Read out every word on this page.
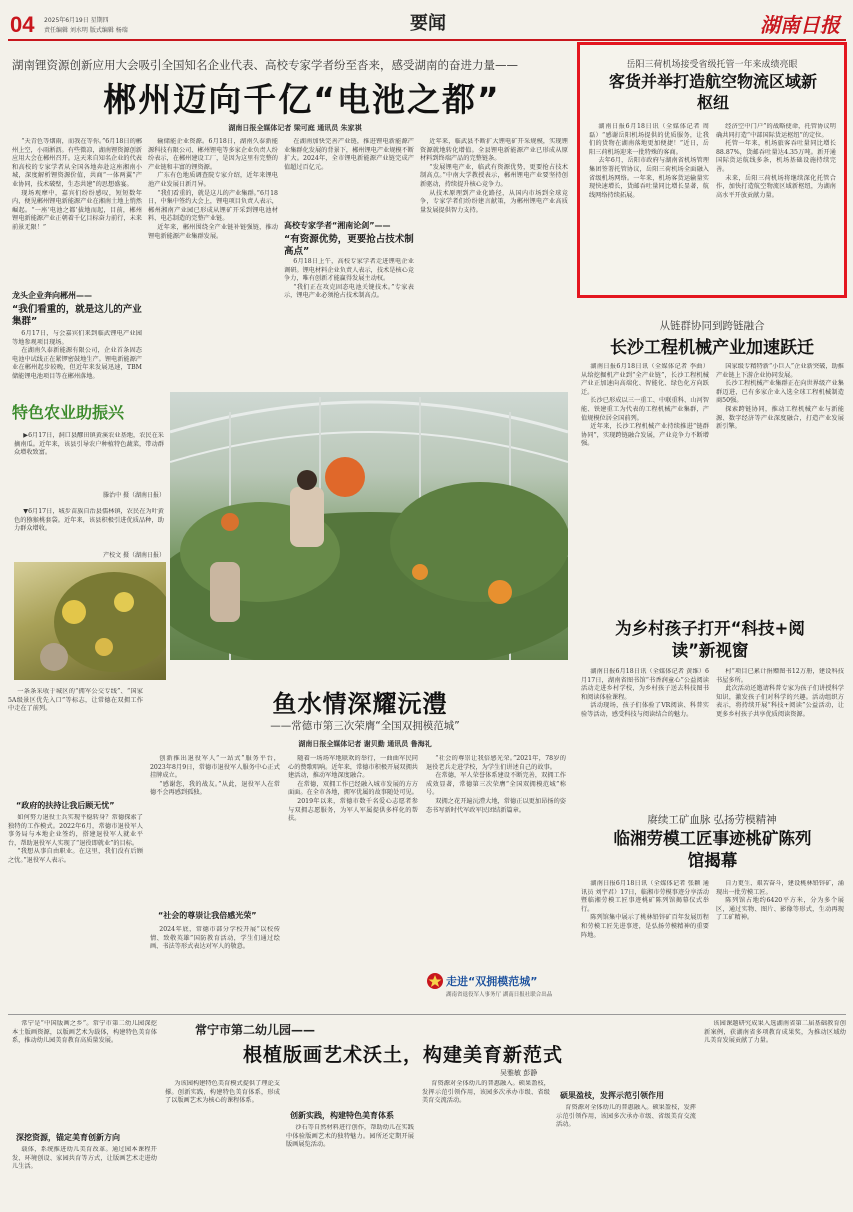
04 2025年6月19日 星期四
责任编辑 刘水明 版式编辑 杨瑞	要闻	湖南日报
湖南锂资源创新应用大会吸引全国知名企业代表、高校专家学者纷至沓来，感受湖南的奋进力量——
郴州迈向千亿“电池之都”
湖南日报全媒体记者 梁可庭 通讯员 朱家祺

“天青色等烟雨，而我在等你。”6月18日的郴州上空，小雨淅沥。有些微凉，湖南锂资源创新应用大会在郴州召开。这天来自知名企业的代表和高校的专家学者从全国各地奔赴这座湘南小城，深度解析锂资源价值，共商“一体两翼”产业协同，技术破壁，生态共建”的思想盛宴。

现场观摩中，嘉宾们纷纷感叹，短短数年内，便见郴州锂电新能源产业在湘南土地上悄然崛起。“一座‘电池之都’拔地而起，目前，郴州锂电新能源产业正朝着千亿目标奋力前行，未来前景无限！”

龙头企业奔向郴州——
“我们看重的，就是这儿的产业集群”

6月17日，与会嘉宾们来到临武锂电产业园等地参观项目现场。

在湖南久泰新能源有限公司，企业首条固态电池中试线正在紧锣密鼓地生产。锂电新能源产业在郴州起步较晚，但近年来发展迅速，TBM储能锂电池项目等在郴州落地。

输储能企业资源。6月18日，湖南久泰新能源科技有限公司、郴州锂电等多家企业负责人纷纷表示，在郴州建设工厂，是因为这里有完整的产业链和丰富的锂资源。

广东有色地质调查院专家介绍，近年来锂电池产业发展日新月异。

“我们看重的，就是这儿的产业集群。”6月18日，中集中签约大会上，锂电项目负责人表示，郴州湘南产业园已形成从锂矿开采到锂电池材料、电芯制造的完整产业链。

近年来，郴州围绕全产业链补链强链，推动锂电新能源产业集群发展。

在湖南加快完善产业链，推进锂电新能源产业集群化发展的背景下，郴州锂电产业规模不断扩大。2024年，全市锂电新能源产业链完成产值超过百亿元。

高校专家学者“湘南论剑”——
“有资源优势，更要抢占技术制高点”

6月18日上午，高校专家学者走进锂电企业调研。锂电材料企业负责人表示，技术是核心竞争力，唯有创新才能赢得发展主动权。

“我们正在攻克固态电池关键技术。”专家表示，锂电产业必须抢占技术制高点。

近年来，临武县不断扩大锂电矿开采规模，实现锂资源就地转化增值。全县锂电新能源产业已形成从原材料到终端产品的完整链条。

“发展锂电产业，临武有资源优势，更要抢占技术制高点。”中南大学教授表示，郴州锂电产业要坚持创新驱动，持续提升核心竞争力。

从技术原理到产业化路径，从国内市场到全球竞争，专家学者们纷纷建言献策，为郴州锂电产业高质量发展提供智力支持。

岳阳三荷机场接受省级托管一年来成绩亮眼
客货并举打造航空物流区域新枢纽

湖南日报6月18日讯（全媒体记者 周磊）“感谢岳阳机场提供的优质服务，让我们的货物在湖南落地更加便捷！”近日，岳阳三荷机场迎来一批特殊的客商。

去年6月，岳阳市政府与湖南省机场管理集团签署托管协议，岳阳三荷机场全面融入省级机场网络。一年来，机场客货运输量实现快速增长，货邮吞吐量同比增长显著，航线网络持续拓展。

经济空中门户”的战略使命，托管协议明确共同打造“中部国际货运枢纽”的定位。

托管一年来，机场旅客吞吐量同比增长88.87%，货邮吞吐量达4.35万吨。新开通国际货运航线多条，机场基础设施持续完善。

未来，岳阳三荷机场将继续深化托管合作，加快打造航空物流区域新枢纽，为湖南高水平开放贡献力量。

特色农业助振兴

▶6月17日，洞口县醪田镇黄溪农业基地，农民在采摘南瓜。近年来，该县引导农户种植特色蔬菜，带动群众增收致富。

滕治中 摄（湖南日报）

▼6月17日，城步苗族自治县儒林镇，农民在为叶黄色的猕猴桃套袋。近年来，该县积极引进优质品种，助力群众增收。

产校文 摄（湖南日报）
从链群协同到跨链融合
长沙工程机械产业加速跃迁

湖南日报6月18日讯（全媒体记者 李曲）从给挖掘机产业到“全产业链”，长沙工程机械产业正加速向高端化、智能化、绿色化方向跃迁。

长沙已形成以三一重工、中联重科、山河智能、铁建重工为代表的工程机械产业集群，产值规模位居全国前列。

近年来，长沙工程机械产业持续推进“链群协同”，实现跨链融合发展，产业竞争力不断增强。

国家级专精特新“小巨人”企业新突破，助推产业链上下游企业协同发展。

长沙工程机械产业集群正在向世界级产业集群迈进，已有多家企业入选全球工程机械制造商50强。

探索跨链协同，推动工程机械产业与新能源、数字经济等产业深度融合，打造产业发展新引擎。

为乡村孩子打开“科技+阅读”新视窗

湖南日报6月18日讯（全媒体记者 黄维）6月17日，湖南省图书馆“书香润童心”公益阅读活动走进乡村学校，为乡村孩子送去科技图书和阅读体验课程。

活动现场，孩子们体验了VR阅读、科普实验等活动，感受科技与阅读结合的魅力。

村“项目已累计捐赠图书12万册，建设科技书屋多所。

此次活动还邀请科普专家为孩子们讲授科学知识，激发孩子们对科学的兴趣。活动组织方表示，将持续开展“科技+阅读”公益活动，让更多乡村孩子共享优质阅读资源。

赓续工矿血脉 弘扬劳模精神
临湘劳模工匠事迹桃矿陈列馆揭幕

湖南日报6月18日讯（全媒体记者 张颖 通讯员 刘宇君）17日，临湘市劳模事迹分享活动暨临湘劳模工匠事迹桃矿陈列馆揭幕仪式举行。

陈列馆集中展示了桃林铅锌矿百年发展历程和劳模工匠先进事迹，是弘扬劳模精神的重要阵地。

自力更生、艰苦奋斗，建设桃林铅锌矿，涌现出一批劳模工匠。

陈列馆占地约6420平方米，分为多个展区，通过实物、图片、影像等形式，生动再现了工矿精神。

鱼水情深耀沅澧
——常德市第三次荣膺“全国双拥模范城”
湖南日报全媒体记者 谢贝勤 通讯员 鲁海礼

一条条采收于城区的“拥军公交专线”、“国家5A级景区优先入口”等标志，让常德在双拥工作中走在了前列。

“政府的扶持让我后顾无忧”

如何努力退役士兵实现平稳转身？常德探索了独特的工作模式。2022年6月，常德市退役军人事务局与本地企业签约，搭建退役军人就业平台，帮助退役军人实现了“退役即就业”的目标。

“我想从事自由职业。在这里，我们没有后顾之忧。”退役军人表示。

创新推出退役军人“一站式”服务平台，2023年8月9日，常德市退役军人服务中心正式挂牌成立。

“感谢您，我的战友。”从此，退役军人在常德不会再感到孤独。

“社会的尊崇让我倍感光荣”

2024年底，常德市部分学校开展“以校传情、致敬英雄”国防教育活动，学生们通过绘画、书法等形式表达对军人的敬意。

随着一场场军地联欢的举行，一曲曲军民同心的赞歌唱响。近年来，常德市积极开展双拥共建活动，推动军地深度融合。

在常德，双拥工作已经融入城市发展的方方面面。在全市各地，拥军优属的故事随处可见。

2019年以来，常德市数千名爱心志愿者参与双拥志愿服务，为军人军属提供多样化的帮扶。

“社会的尊崇让我倍感光荣。”2021年，78岁的退役老兵走进学校，为学生们讲述自己的故事。

在常德，军人荣誉体系建设不断完善，双拥工作成效显著，常德第三次荣膺“全国双拥模范城”称号。

双拥之花开遍沅澧大地，常德正以更加昂扬的姿态书写新时代军政军民团结新篇章。

走进“双拥模范城”
湖南省退役军人事务厅 湖南日报社联合出品

常宁是“中国版画之乡”。常宁市第二幼儿园深挖本土版画资源，以版画艺术为载体，构建特色美育体系，推动幼儿园美育教育高质量发展。

深挖资源，锚定美育创新方向

载体，系统推进幼儿美育改革。通过园本课程开发、环境创设、家园共育等方式，让版画艺术走进幼儿生活。

常宁市第二幼儿园——
根植版画艺术沃土，构建美育新范式
吴雅敏 彭静

为该园构建特色美育模式提供了理论支撑。创新实践，构建特色美育体系，形成了以版画艺术为核心的课程体系。

创新实践，构建特色美育体系

沙石等自然材料进行创作，帮助幼儿在实践中体验版画艺术的独特魅力。园所还定期开展版画展览活动。

育资源对全体幼儿的普惠融入。硕果盈枝，发挥示范引领作用，该园多次承办市级、省级美育交流活动。

硕果盈枝，发挥示范引领作用

育资源对全体幼儿的普惠融入。硕果盈枝，发挥示范引领作用，该园多次承办市级、省级美育交流活动。

该园课题研究成果入选湖南省第二届基础教育创新案例，获湖南省多项教育成果奖，为推动区域幼儿美育发展贡献了力量。
